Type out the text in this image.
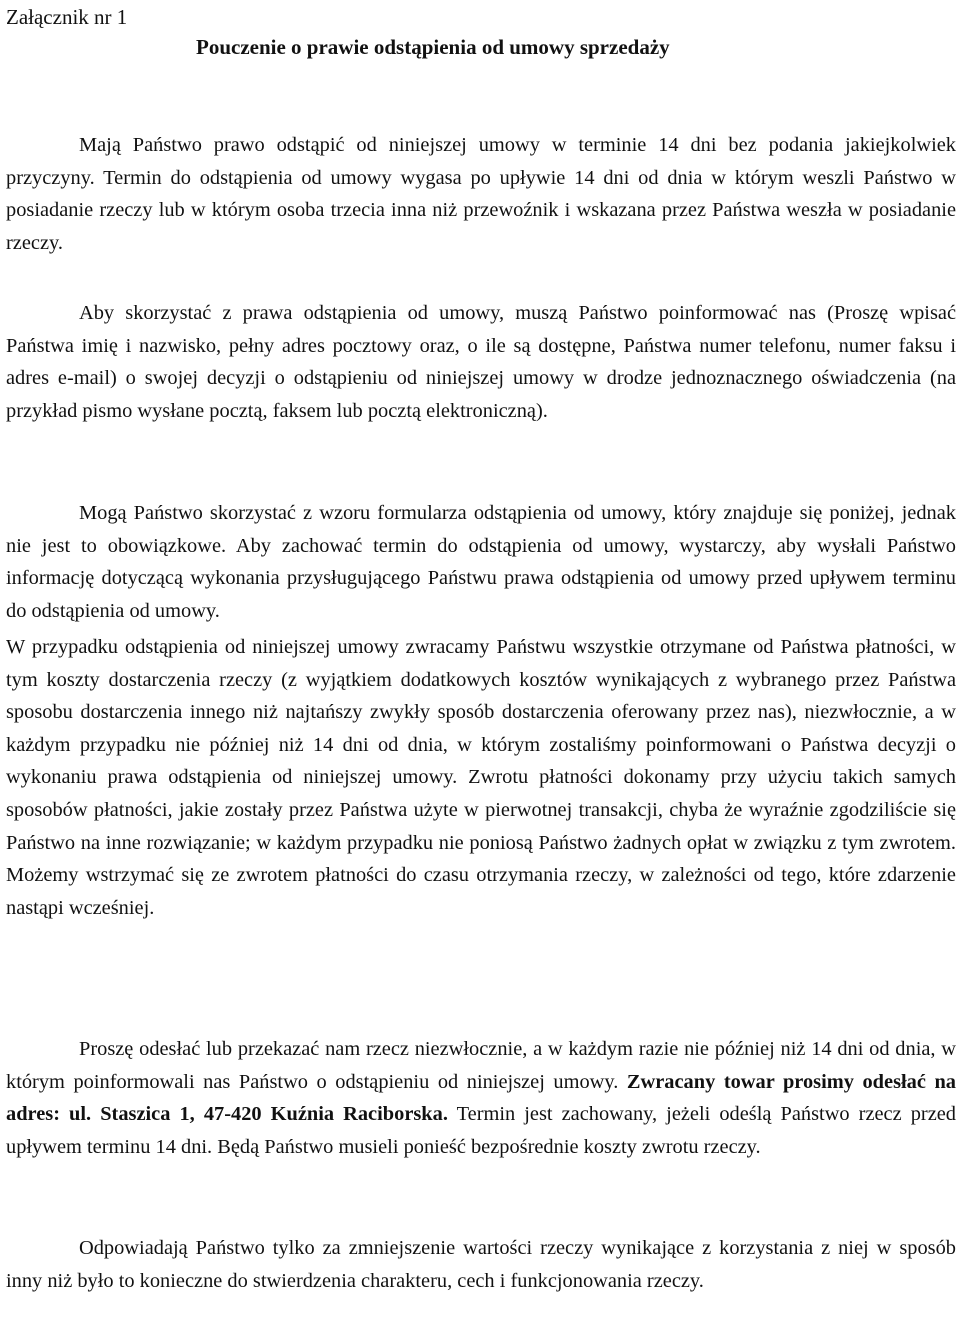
Załącznik nr 1
Pouczenie o prawie odstąpienia od umowy sprzedaży

Mają Państwo prawo odstąpić od niniejszej umowy w terminie 14 dni bez podania jakiejkolwiek przyczyny. Termin do odstąpienia od umowy wygasa po upływie 14 dni od dnia w którym weszli Państwo w posiadanie rzeczy lub w którym osoba trzecia inna niż przewoźnik i wskazana przez Państwa weszła w posiadanie rzeczy.

Aby skorzystać z prawa odstąpienia od umowy, muszą Państwo poinformować nas (Proszę wpisać Państwa imię i nazwisko, pełny adres pocztowy oraz, o ile są dostępne, Państwa numer telefonu, numer faksu i adres e-mail) o swojej decyzji o odstąpieniu od niniejszej umowy w drodze jednoznacznego oświadczenia (na przykład pismo wysłane pocztą, faksem lub pocztą elektroniczną).

Mogą Państwo skorzystać z wzoru formularza odstąpienia od umowy, który znajduje się poniżej, jednak nie jest to obowiązkowe. Aby zachować termin do odstąpienia od umowy, wystarczy, aby wysłali Państwo informację dotyczącą wykonania przysługującego Państwu prawa odstąpienia od umowy przed upływem terminu do odstąpienia od umowy.

W przypadku odstąpienia od niniejszej umowy zwracamy Państwu wszystkie otrzymane od Państwa płatności, w tym koszty dostarczenia rzeczy (z wyjątkiem dodatkowych kosztów wynikających z wybranego przez Państwa sposobu dostarczenia innego niż najtańszy zwykły sposób dostarczenia oferowany przez nas), niezwłocznie, a w każdym przypadku nie później niż 14 dni od dnia, w którym zostaliśmy poinformowani o Państwa decyzji o wykonaniu prawa odstąpienia od niniejszej umowy. Zwrotu płatności dokonamy przy użyciu takich samych sposobów płatności, jakie zostały przez Państwa użyte w pierwotnej transakcji, chyba że wyraźnie zgodziliście się Państwo na inne rozwiązanie; w każdym przypadku nie poniosą Państwo żadnych opłat w związku z tym zwrotem. Możemy wstrzymać się ze zwrotem płatności do czasu otrzymania rzeczy, w zależności od tego, które zdarzenie nastąpi wcześniej.

Proszę odesłać lub przekazać nam rzecz niezwłocznie, a w każdym razie nie później niż 14 dni od dnia, w którym poinformowali nas Państwo o odstąpieniu od niniejszej umowy. Zwracany towar prosimy odesłać na adres: ul. Staszica 1, 47-420 Kuźnia Raciborska. Termin jest zachowany, jeżeli odeślą Państwo rzecz przed upływem terminu 14 dni. Będą Państwo musieli ponieść bezpośrednie koszty zwrotu rzeczy.

Odpowiadają Państwo tylko za zmniejszenie wartości rzeczy wynikające z korzystania z niej w sposób inny niż było to konieczne do stwierdzenia charakteru, cech i funkcjonowania rzeczy.
